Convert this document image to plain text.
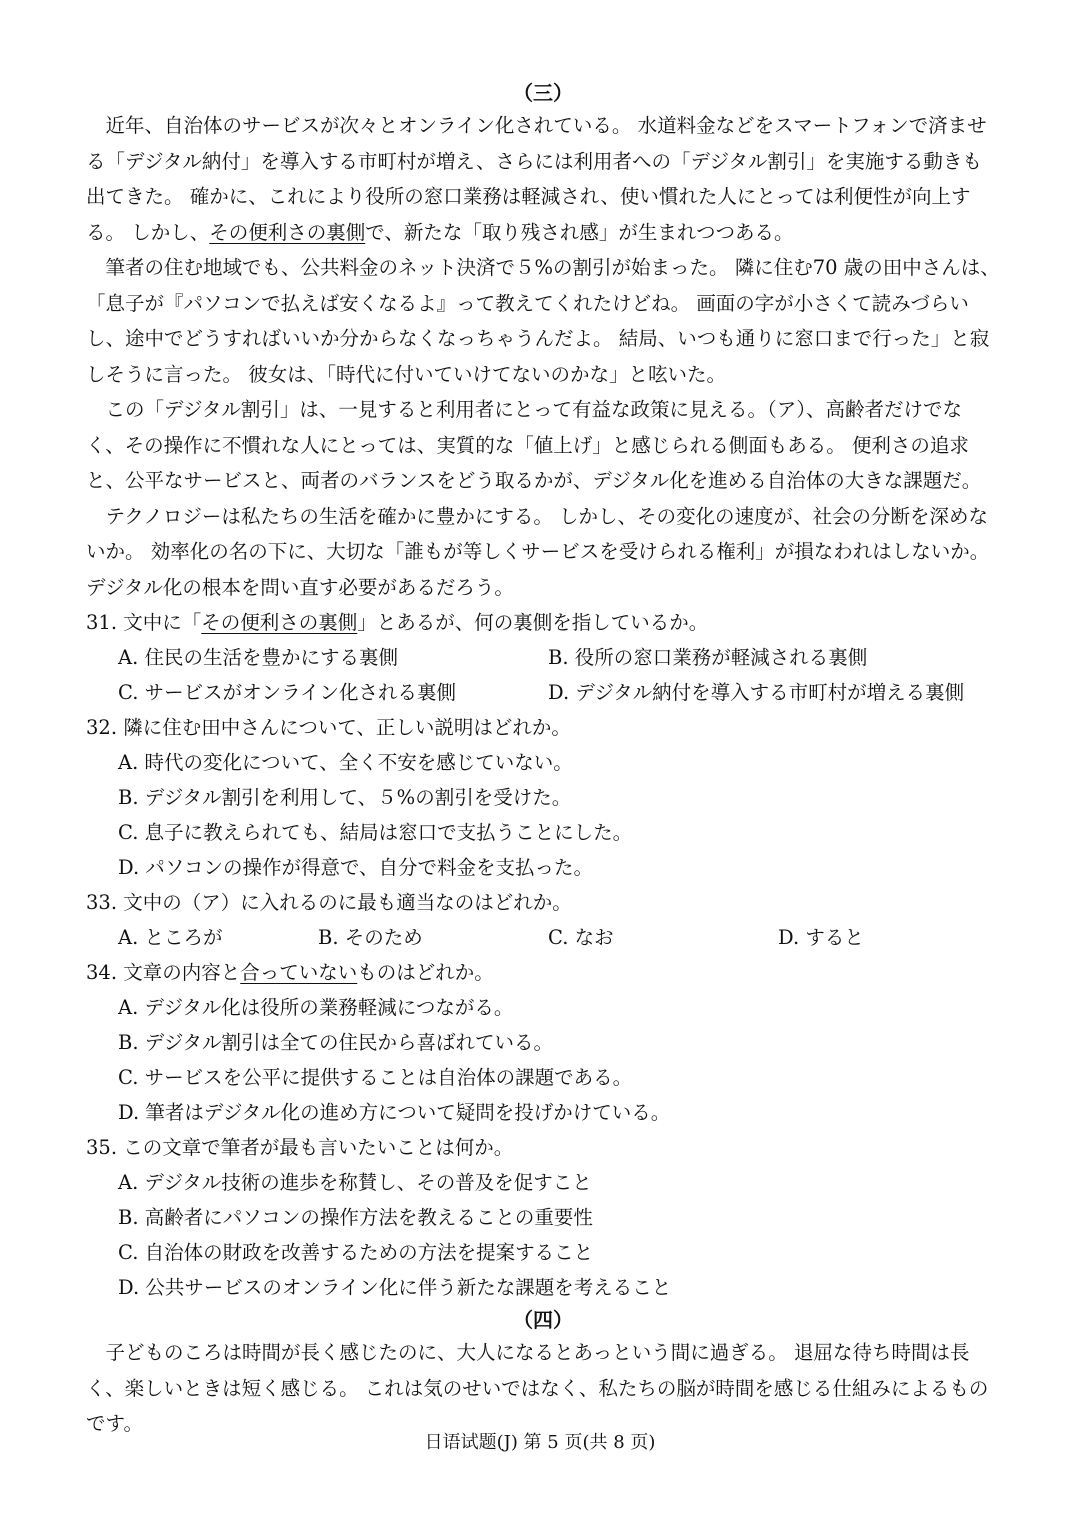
（三）

近年、自治体のサービスが次々とオンライン化されている。 水道料金などをスマートフォンで済ませる「デジタル納付」を導入する市町村が増え、さらには利用者への「デジタル割引」を実施する動きも出てきた。 確かに、これにより役所の窓口業務は軽減され、使い慣れた人にとっては利便性が向上する。 しかし、その便利さの裏側で、新たな「取り残され感」が生まれつつある。

筆者の住む地域でも、公共料金のネット決済で５%の割引が始まった。 隣に住む70 歳の田中さんは、「息子が『パソコンで払えば安くなるよ』って教えてくれたけどね。 画面の字が小さくて読みづらいし、途中でどうすればいいか分からなくなっちゃうんだよ。 結局、いつも通りに窓口まで行った」と寂しそうに言った。 彼女は、「時代に付いていけてないのかな」と呟いた。

この「デジタル割引」は、一見すると利用者にとって有益な政策に見える。（ア）、高齢者だけでなく、その操作に不慣れな人にとっては、実質的な「値上げ」と感じられる側面もある。 便利さの追求と、公平なサービスと、両者のバランスをどう取るかが、デジタル化を進める自治体の大きな課題だ。

テクノロジーは私たちの生活を確かに豊かにする。 しかし、その変化の速度が、社会の分断を深めないか。 効率化の名の下に、大切な「誰もが等しくサービスを受けられる権利」が損なわれはしないか。 デジタル化の根本を問い直す必要があるだろう。

31. 文中に「その便利さの裏側」とあるが、何の裏側を指しているか。

A. 住民の生活を豊かにする裏側	B. 役所の窓口業務が軽減される裏側
C. サービスがオンライン化される裏側	D. デジタル納付を導入する市町村が増える裏側

32. 隣に住む田中さんについて、正しい説明はどれか。

A. 時代の変化について、全く不安を感じていない。
B. デジタル割引を利用して、５%の割引を受けた。
C. 息子に教えられても、結局は窓口で支払うことにした。
D. パソコンの操作が得意で、自分で料金を支払った。

33. 文中の（ア）に入れるのに最も適当なのはどれか。

A. ところが	B. そのため	C. なお	D. すると

34. 文章の内容と合っていないものはどれか。

A. デジタル化は役所の業務軽減につながる。
B. デジタル割引は全ての住民から喜ばれている。
C. サービスを公平に提供することは自治体の課題である。
D. 筆者はデジタル化の進め方について疑問を投げかけている。

35. この文章で筆者が最も言いたいことは何か。

A. デジタル技術の進歩を称賛し、その普及を促すこと
B. 高齢者にパソコンの操作方法を教えることの重要性
C. 自治体の財政を改善するための方法を提案すること
D. 公共サービスのオンライン化に伴う新たな課題を考えること
（四）

子どものころは時間が長く感じたのに、大人になるとあっという間に過ぎる。 退屈な待ち時間は長く、楽しいときは短く感じる。 これは気のせいではなく、私たちの脳が時間を感じる仕組みによるものです。

日语试题(J) 第 5 页(共 8 页)
